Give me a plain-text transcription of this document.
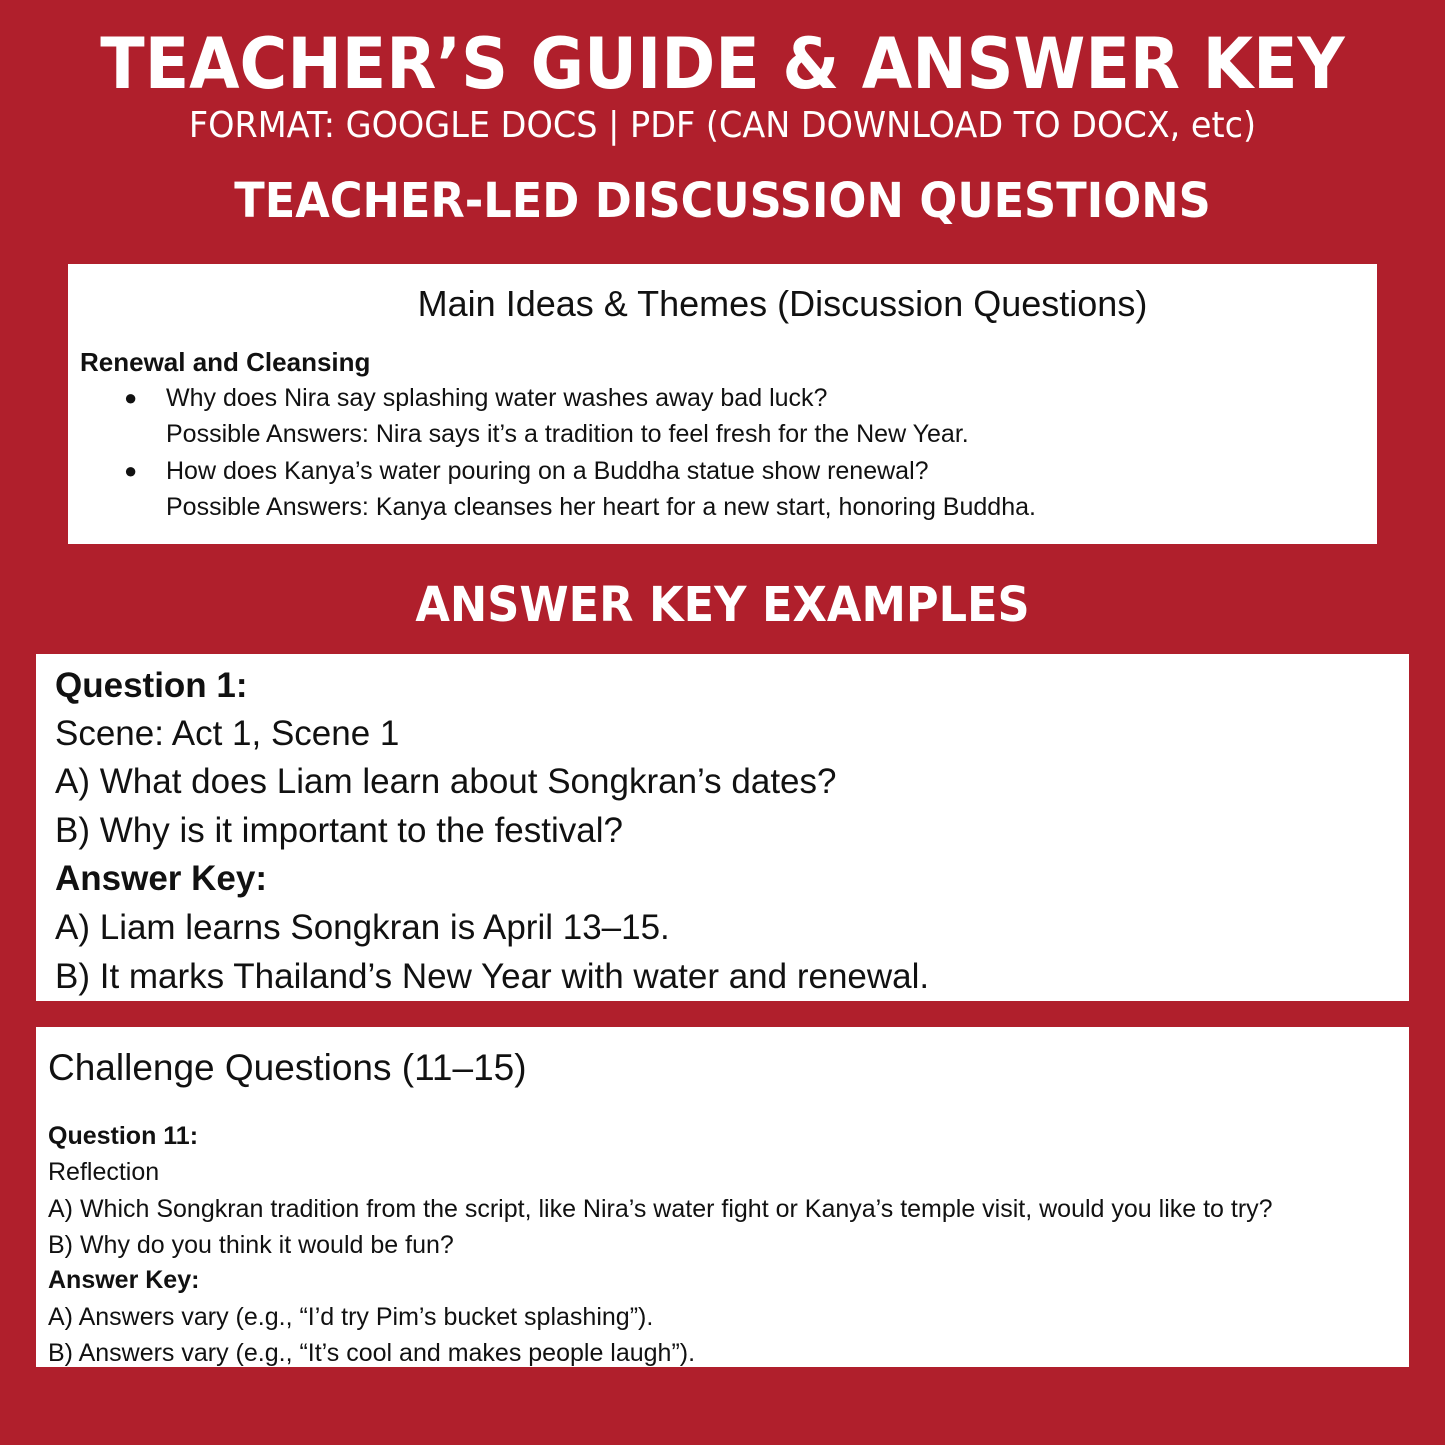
TEACHER’S GUIDE & ANSWER KEY
FORMAT: GOOGLE DOCS | PDF (CAN DOWNLOAD TO DOCX, etc)
TEACHER-LED DISCUSSION QUESTIONS
Main Ideas & Themes (Discussion Questions)
Renewal and Cleansing
● Why does Nira say splashing water washes away bad luck?
Possible Answers: Nira says it’s a tradition to feel fresh for the New Year.
● How does Kanya’s water pouring on a Buddha statue show renewal?
Possible Answers: Kanya cleanses her heart for a new start, honoring Buddha.
ANSWER KEY EXAMPLES
Question 1:
Scene: Act 1, Scene 1
A) What does Liam learn about Songkran’s dates?
B) Why is it important to the festival?
Answer Key:
A) Liam learns Songkran is April 13–15.
B) It marks Thailand’s New Year with water and renewal.
Challenge Questions (11–15)
Question 11:
Reflection
A) Which Songkran tradition from the script, like Nira’s water fight or Kanya’s temple visit, would you like to try?
B) Why do you think it would be fun?
Answer Key:
A) Answers vary (e.g., “I’d try Pim’s bucket splashing”).
B) Answers vary (e.g., “It’s cool and makes people laugh”).
